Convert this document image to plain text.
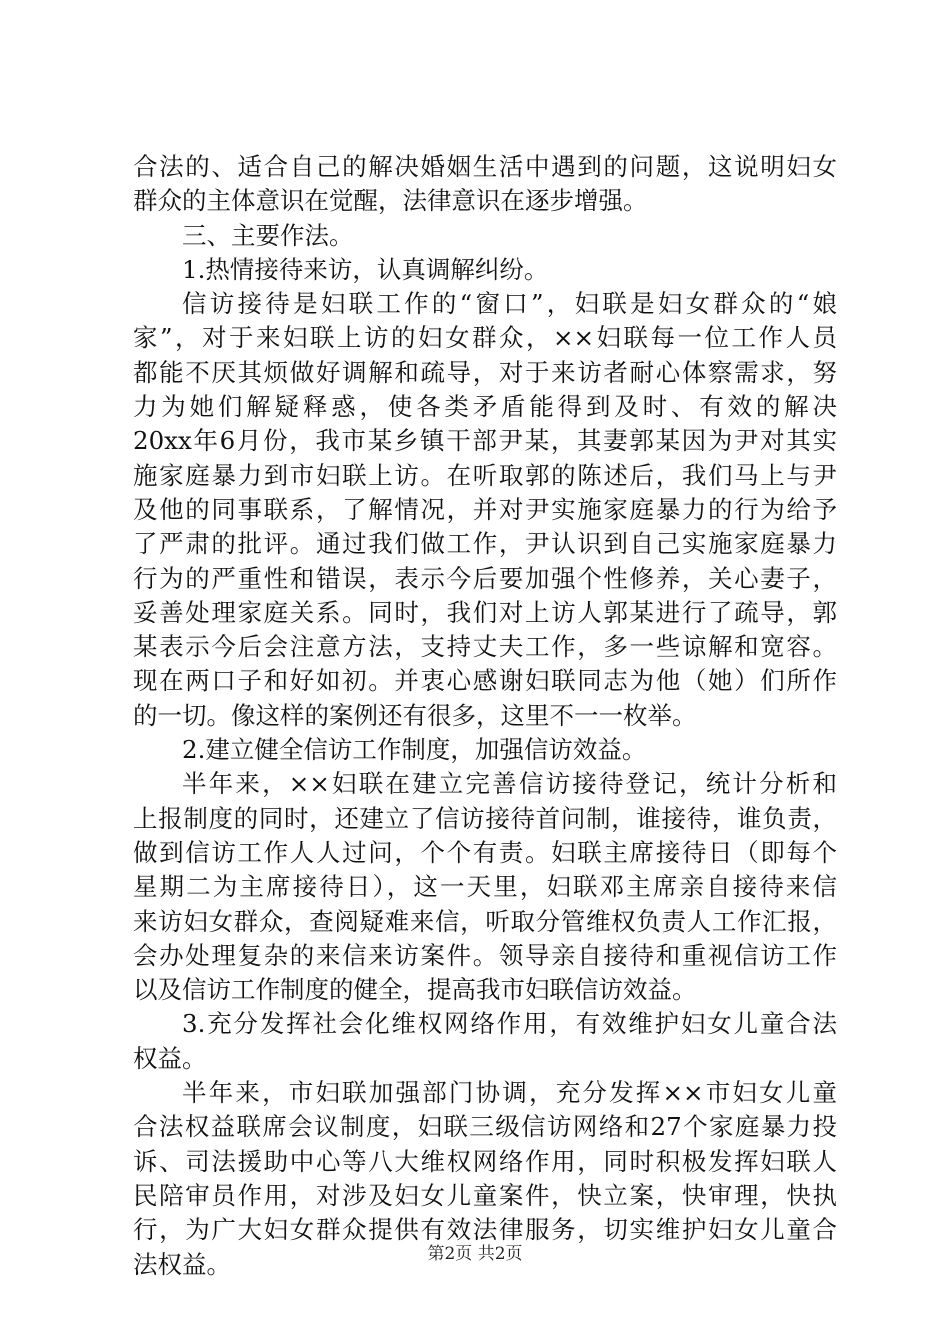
合法的、适合自己的解决婚姻生活中遇到的问题，这说明妇女
群众的主体意识在觉醒，法律意识在逐步增强。
三、主要作法。
1.热情接待来访，认真调解纠纷。
信访接待是妇联工作的“窗口”，妇联是妇女群众的“娘
家”，对于来妇联上访的妇女群众，××妇联每一位工作人员
都能不厌其烦做好调解和疏导，对于来访者耐心体察需求，努
力为她们解疑释惑，使各类矛盾能得到及时、有效的解决
20xx年6月份，我市某乡镇干部尹某，其妻郭某因为尹对其实
施家庭暴力到市妇联上访。在听取郭的陈述后，我们马上与尹
及他的同事联系，了解情况，并对尹实施家庭暴力的行为给予
了严肃的批评。通过我们做工作，尹认识到自己实施家庭暴力
行为的严重性和错误，表示今后要加强个性修养，关心妻子，
妥善处理家庭关系。同时，我们对上访人郭某进行了疏导，郭
某表示今后会注意方法，支持丈夫工作，多一些谅解和宽容。
现在两口子和好如初。并衷心感谢妇联同志为他（她）们所作
的一切。像这样的案例还有很多，这里不一一枚举。
2.建立健全信访工作制度，加强信访效益。
半年来，××妇联在建立完善信访接待登记，统计分析和
上报制度的同时，还建立了信访接待首问制，谁接待，谁负责，
做到信访工作人人过问，个个有责。妇联主席接待日（即每个
星期二为主席接待日），这一天里，妇联邓主席亲自接待来信
来访妇女群众，查阅疑难来信，听取分管维权负责人工作汇报，
会办处理复杂的来信来访案件。领导亲自接待和重视信访工作
以及信访工作制度的健全，提高我市妇联信访效益。
3.充分发挥社会化维权网络作用，有效维护妇女儿童合法
权益。
半年来，市妇联加强部门协调，充分发挥××市妇女儿童
合法权益联席会议制度，妇联三级信访网络和27个家庭暴力投
诉、司法援助中心等八大维权网络作用，同时积极发挥妇联人
民陪审员作用，对涉及妇女儿童案件，快立案，快审理，快执
行，为广大妇女群众提供有效法律服务，切实维护妇女儿童合
法权益。	第2页 共2页
